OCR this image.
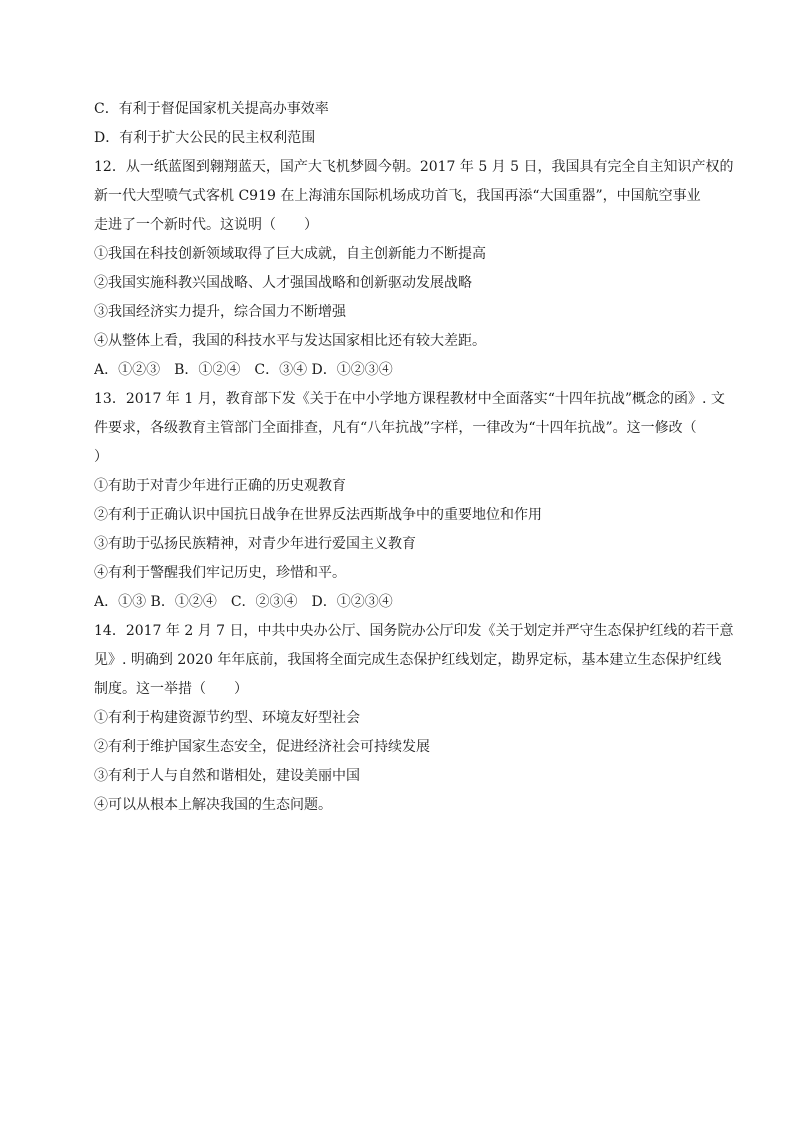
C．有利于督促国家机关提高办事效率
D．有利于扩大公民的民主权利范围
12．从一纸蓝图到翱翔蓝天，国产大飞机梦圆今朝。2017 年 5 月 5 日，我国具有完全自主知识产权的
新一代大型喷气式客机 C919 在上海浦东国际机场成功首飞，我国再添“大国重器”，中国航空事业
走进了一个新时代。这说明（　　）
①我国在科技创新领域取得了巨大成就，自主创新能力不断提高
②我国实施科教兴国战略、人才强国战略和创新驱动发展战略
③我国经济实力提升，综合国力不断增强
④从整体上看，我国的科技水平与发达国家相比还有较大差距。
A．①②③　B．①②④　C．③④ D．①②③④
13．2017 年 1 月，教育部下发《关于在中小学地方课程教材中全面落实“十四年抗战”概念的函》. 文
件要求，各级教育主管部门全面排查，凡有“八年抗战”字样，一律改为“十四年抗战”。这一修改（
）
①有助于对青少年进行正确的历史观教育
②有利于正确认识中国抗日战争在世界反法西斯战争中的重要地位和作用
③有助于弘扬民族精神，对青少年进行爱国主义教育
④有利于警醒我们牢记历史，珍惜和平。
A．①③ B．①②④　C．②③④　D．①②③④
14．2017 年 2 月 7 日，中共中央办公厅、国务院办公厅印发《关于划定并严守生态保护红线的若干意
见》. 明确到 2020 年年底前，我国将全面完成生态保护红线划定，勘界定标，基本建立生态保护红线
制度。这一举措（　　）
①有利于构建资源节约型、环境友好型社会
②有利于维护国家生态安全，促进经济社会可持续发展
③有利于人与自然和谐相处，建设美丽中国
④可以从根本上解决我国的生态问题。
